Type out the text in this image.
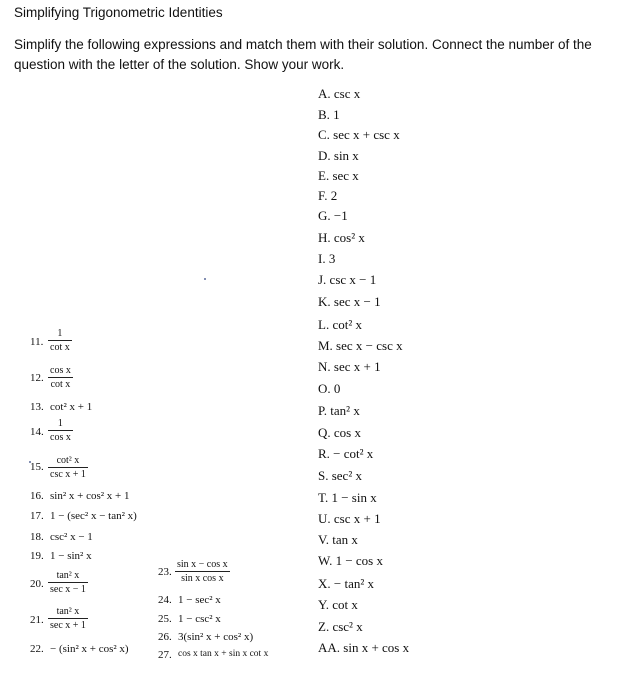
Simplifying Trigonometric Identities
Simplify the following expressions and match them with their solution. Connect the number of the question with the letter of the solution. Show your work.
A. csc x
B. 1
C. sec x + csc x
D. sin x
E. sec x
F. 2
G. −1
H. cos² x
I. 3
J. csc x − 1
K. sec x − 1
L. cot² x
M. sec x − csc x
N. sec x + 1
O. 0
P. tan² x
Q. cos x
R. − cot² x
S. sec² x
T. 1 − sin x
U. csc x + 1
V. tan x
W. 1 − cos x
X. − tan² x
Y. cot x
Z. csc² x
AA. sin x + cos x
11. $\frac{1}{\text{cot x}}$
12. $\frac{\text{cos x}}{\text{cot x}}$
13. cot² x + 1
14. $\frac{1}{\text{cos x}}$
15.
cot² x
csc x + 1
16. sin² x + cos² x + 1
17. 1 − (sec² x − tan² x)
18. csc² x − 1
19. 1 − sin² x
20.
tan² x
sec x − 1
21.
tan² x
sec x + 1
22. − (sin² x + cos² x)
23. $\frac{\text{sin x − cos x}}{\text{sin x cos x}}$
24. 1 − sec² x
25. 1 − csc² x
26. 3(sin² x + cos² x)
27. cos x tan x + sin x cot x
